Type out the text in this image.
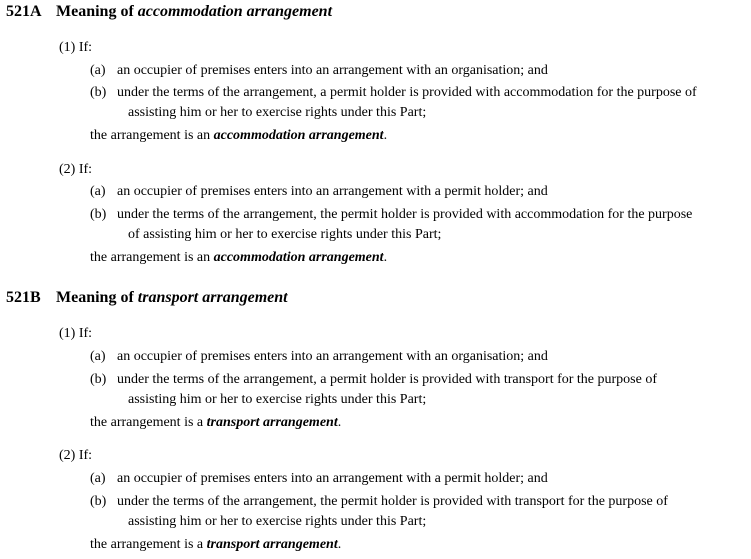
521A Meaning of accommodation arrangement
(1) If:
(a) an occupier of premises enters into an arrangement with an organisation; and
(b) under the terms of the arrangement, a permit holder is provided with accommodation for the purpose of
assisting him or her to exercise rights under this Part;
the arrangement is an accommodation arrangement.
(2) If:
(a) an occupier of premises enters into an arrangement with a permit holder; and
(b) under the terms of the arrangement, the permit holder is provided with accommodation for the purpose
of assisting him or her to exercise rights under this Part;
the arrangement is an accommodation arrangement.
521B Meaning of transport arrangement
(1) If:
(a) an occupier of premises enters into an arrangement with an organisation; and
(b) under the terms of the arrangement, a permit holder is provided with transport for the purpose of
assisting him or her to exercise rights under this Part;
the arrangement is a transport arrangement.
(2) If:
(a) an occupier of premises enters into an arrangement with a permit holder; and
(b) under the terms of the arrangement, the permit holder is provided with transport for the purpose of
assisting him or her to exercise rights under this Part;
the arrangement is a transport arrangement.
